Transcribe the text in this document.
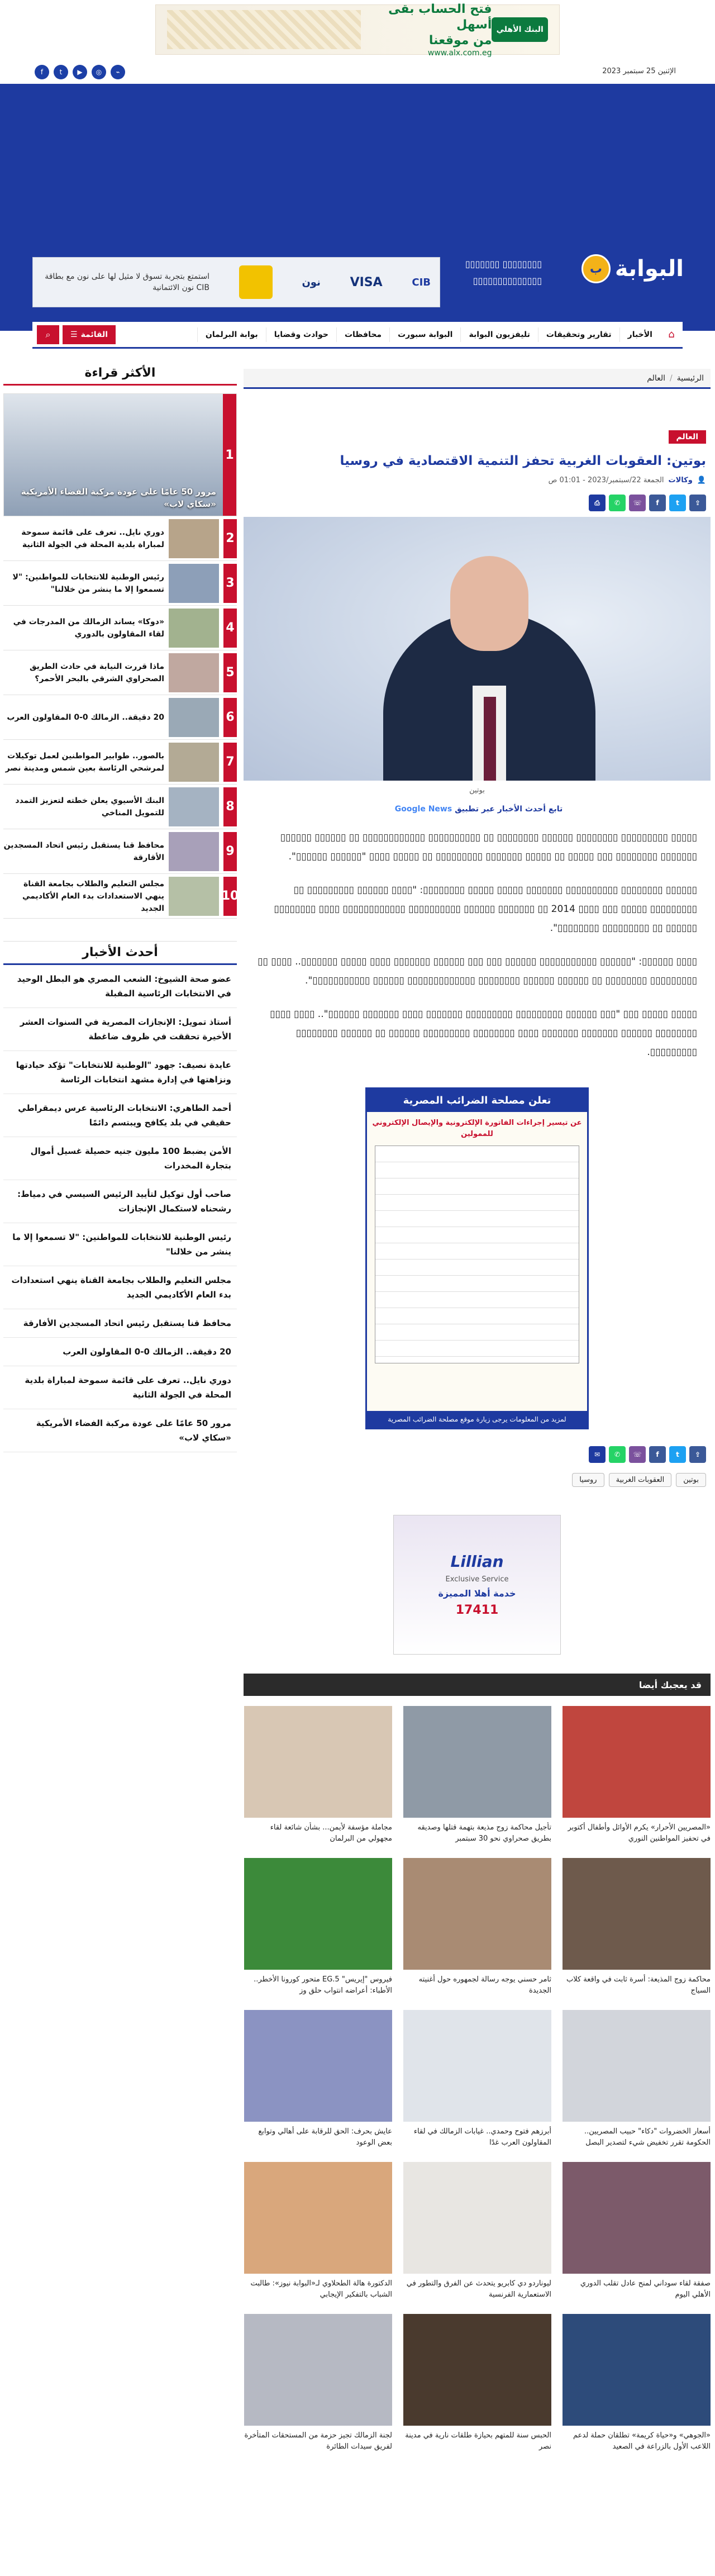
البنك الأهلي
فتح الحساب بقى أسهل
من موقعنا
www.alx.com.eg
الإثنين 25 سبتمبر 2023
⌁
◎
▶
t
f
البوابة
ب
▯▯▯▯▯▯▯▯ ▯▯▯▯▯▯▯
▯▯▯▯▯▯▯▯▯▯▯▯▯▯
CIB
VISA
نون
استمتع بتجربة تسوق لا مثيل لها على نون مع بطاقة CIB نون الائتمانية
⌂
الأخبار
تقارير وتحقيقات
تليفزيون البوابة
البوابة سبورت
محافظات
حوادث وقضايا
بوابة البرلمان
القائمة
☰
⌕
الرئيسية
/
العالم
العالم
بوتين: العقوبات الغربية تحفز التنمية الاقتصادية في روسيا
👤
وكالات
الجمعة 22/سبتمبر/2023 - 01:01 ص
⇪
t
f
☏
✆
⎙
بوتين
تابع أحدث الأخبار عبر تطبيق Google News

▯▯▯▯▯ ▯▯▯▯▯▯▯▯▯ ▯▯▯▯▯▯▯▯ ▯▯▯▯▯▯ ▯▯▯▯▯▯▯▯ ▯▯ ▯▯▯▯▯▯▯▯▯▯ ▯▯▯▯▯▯▯▯▯▯▯▯ ▯▯ ▯▯▯▯▯▯ ▯▯▯▯▯▯ ▯▯▯▯▯▯▯ ▯▯▯▯▯▯▯▯ ▯▯▯ ▯▯▯▯▯ ▯▯ ▯▯▯▯▯ ▯▯▯▯▯▯▯ ▯▯▯▯▯▯▯▯▯ ▯▯ ▯▯▯▯▯ ▯▯▯▯ "▯▯▯▯▯▯ ▯▯▯▯▯▯".

▯▯▯▯▯▯ ▯▯▯▯▯▯▯▯ ▯▯▯▯▯▯▯▯▯▯ ▯▯▯▯▯▯▯ ▯▯▯▯▯ ▯▯▯▯▯ ▯▯▯▯▯▯▯▯: "▯▯▯▯ ▯▯▯▯▯▯ ▯▯▯▯▯▯▯▯▯ ▯▯ ▯▯▯▯▯▯▯▯▯ ▯▯▯▯▯ ▯▯▯ ▯▯▯▯ 2014 ▯▯ ▯▯▯▯▯▯▯ ▯▯▯▯▯▯ ▯▯▯▯▯▯▯▯▯▯ ▯▯▯▯▯▯▯▯▯▯▯▯ ▯▯▯▯ ▯▯▯▯▯▯▯▯ ▯▯▯▯▯▯ ▯▯ ▯▯▯▯▯▯▯▯▯ ▯▯▯▯▯▯▯▯".

▯▯▯▯ ▯▯▯▯▯▯: "▯▯▯▯▯▯ ▯▯▯▯▯▯▯▯▯▯▯ ▯▯▯▯▯▯ ▯▯▯ ▯▯▯ ▯▯▯▯▯▯ ▯▯▯▯▯▯▯ ▯▯▯▯ ▯▯▯▯▯ ▯▯▯▯▯▯▯.. ▯▯▯▯ ▯▯ ▯▯▯▯▯▯▯▯▯ ▯▯▯▯▯▯▯▯ ▯▯ ▯▯▯▯▯▯ ▯▯▯▯▯▯ ▯▯▯▯▯▯▯▯ ▯▯▯▯▯▯▯▯▯▯▯▯▯ ▯▯▯▯▯▯ ▯▯▯▯▯▯▯▯▯▯▯".

▯▯▯▯▯ ▯▯▯▯▯ ▯▯▯ "▯▯▯ ▯▯▯▯▯▯ ▯▯▯▯▯▯▯▯▯ ▯▯▯▯▯▯▯▯▯ ▯▯▯▯▯▯▯ ▯▯▯▯ ▯▯▯▯▯▯▯ ▯▯▯▯▯▯".. ▯▯▯▯ ▯▯▯▯ ▯▯▯▯▯▯▯▯ ▯▯▯▯▯▯ ▯▯▯▯▯▯▯ ▯▯▯▯▯▯▯ ▯▯▯▯ ▯▯▯▯▯▯▯▯ ▯▯▯▯▯▯▯▯▯ ▯▯▯▯▯▯ ▯▯ ▯▯▯▯▯▯ ▯▯▯▯▯▯▯▯ ▯▯▯▯▯▯▯▯▯.

تعلن مصلحة الضرائب المصرية
عن تيسير إجراءات الفاتورة الإلكترونية والإيصال الإلكتروني للممولين
لمزيد من المعلومات يرجى زيارة موقع مصلحة الضرائب المصرية
⇪
t
f
☏
✆
✉
بوتين
العقوبات الغربية
روسيا
Lillian
Exclusive Service
خدمة أهلا المميزة
17411
قد يعجبك أيضا
«المصريين الأحرار» يكرم الأوائل وأطفال أكتوبر في تحفيز المواطنين النوري
تأجيل محاكمة زوج مذيعة بتهمة قتلها وصديقه بطريق صحراوي نحو 30 سبتمبر
مجاملة مؤسفة لأيمن... بشأن شائعة لقاء مجهولي من البرلمان
محاكمة زوج المذيعة: أسرة ثابت في واقعة كلاب السياج
ثامر حسني يوجه رسالة لجمهوره حول أغنيته الجديدة
فيروس "إيريس" EG.5 متحور كورونا الأخطر.. الأطباء: أعراضه انتواب حلق وز
أسعار الخضروات "دكاء" حبيب المصريين.. الحكومة تقرر تخفيض شيء لتصدير البصل
أبرزهم فتوح وحمدي.. غيابات الزمالك في لقاء المقاولون العرب غدًا
عايش بحرف: الحق للرقابة على أهالي وتوابع بعض الوعود
صفقة لقاء سوداني لمنح عادل تقلب الدوري الأهلي اليوم
ليوناردو دي كابريو يتحدث عن الفرق والتطور في الاستعمارية الفرنسية
الدكتورة هالة الطحلاوي لـ«البوابة نيوز»: طالبت الشباب بالتفكير الإيجابي
«الجوهي» و«حياة كريمة» تطلقان حملة لدعم اللاعب الأول بالزراعة في الصعيد
الحبس سنة للمتهم بحيازة طلقات نارية في مدينة نصر
لجنة الزمالك تجيز حزمة من المستحقات المتأخرة لفريق سيدات الطائرة
الأكثر قراءة
1
مرور 50 عامًا على عودة مركبة الفضاء الأمريكية «سكاي لاب»
2
دوري نايل.. تعرف على قائمة سموحة لمباراة بلدية المحلة في الجولة الثانية
3
رئيس الوطنية للانتخابات للمواطنين: "لا تسمعوا إلا ما ينشر من خلالنا"
4
«دوكا» يساند الزمالك من المدرجات في لقاء المقاولون بالدوري
5
ماذا قررت النيابة في حادث الطريق الصحراوي الشرقي بالبحر الأحمر؟
6
20 دقيقة.. الزمالك 0-0 المقاولون العرب
7
بالصور.. طوابير المواطنين لعمل توكيلات لمرشحي الرئاسة بعين شمس ومدينة نصر
8
البنك الأسيوي يعلن خطته لتعزيز التمدد للتمويل المناخي
9
محافظ قنا يستقبل رئيس اتحاد المسجدين الأقارقة
10
مجلس التعليم والطلاب بجامعة القناة ينهي الاستعدادات بدء العام الأكاديمي الجديد
أحدث الأخبار
عضو صحة الشيوخ: الشعب المصري هو البطل الوحيد في الانتخابات الرئاسية المقبلة
أستاذ تمويل: الإنجازات المصرية في السنوات العشر الأخيرة تحققت في ظروف ضاغطة
عايدة نصيف: جهود "الوطنية للانتخابات" تؤكد حيادتها ونزاهتها في إدارة مشهد انتخابات الرئاسة
أحمد الطاهري: الانتخابات الرئاسية عرس ديمقراطي حقيقي في بلد يكافح ويبتسم دائمًا
الأمن يضبط 100 مليون جنيه حصيلة غسيل أموال بتجارة المخدرات
صاحب أول توكيل لتأييد الرئيس السيسي في دمياط: رشحناه لاستكمال الإنجازات
رئيس الوطنية للانتخابات للمواطنين: "لا تسمعوا إلا ما ينشر من خلالنا"
مجلس التعليم والطلاب بجامعة القناة ينهي استعدادات بدء العام الأكاديمي الجديد
محافظ قنا يستقبل رئيس اتحاد المسجدين الأفارقة
20 دقيقة.. الزمالك 0-0 المقاولون العرب
دوري نايل.. تعرف على قائمة سموحة لمباراة بلدية المحلة في الجولة الثانية
مرور 50 عامًا على عودة مركبة الفضاء الأمريكية «سكاي لاب»
